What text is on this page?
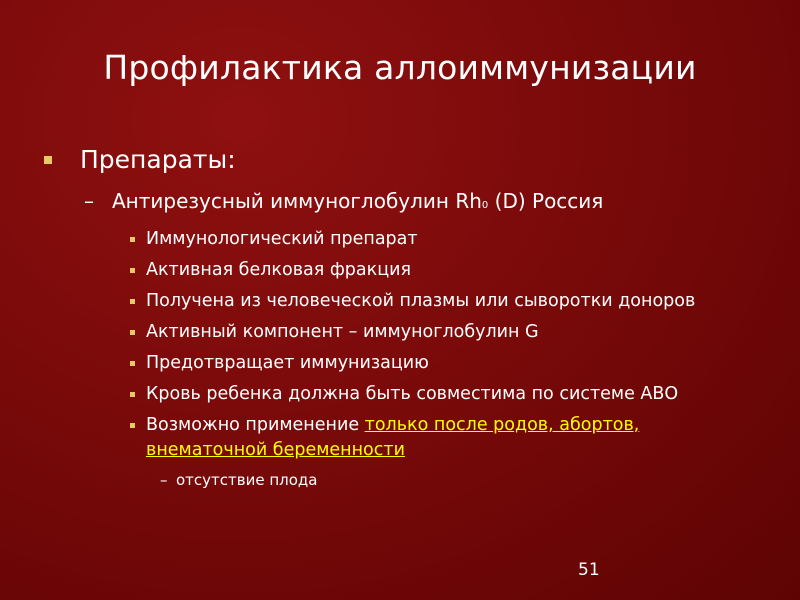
Профилактика аллоиммунизации
Препараты:
– Антирезусный иммуноглобулин Rh0 (D) Россия
Иммунологический препарат
Активная белковая фракция
Получена из человеческой плазмы или сыворотки доноров
Активный компонент – иммуноглобулин G
Предотвращает иммунизацию
Кровь ребенка должна быть совместима по системе АВО
Возможно применение только после родов, абортов, внематочной беременности
– отсутствие плода
51
